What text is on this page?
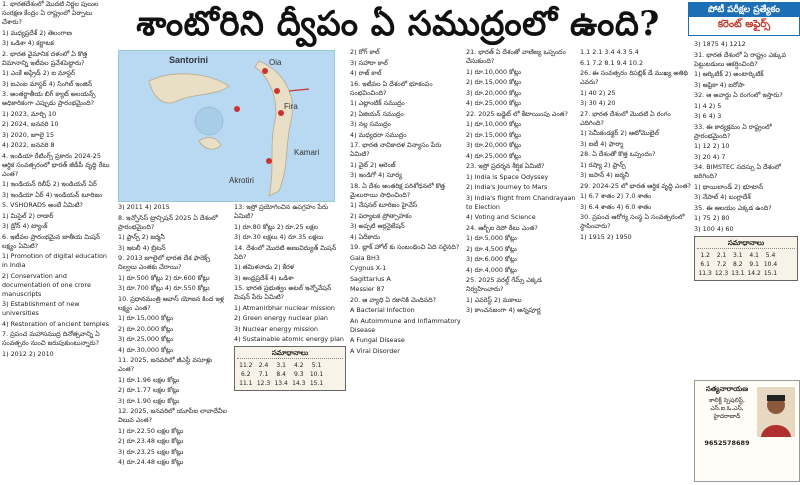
శాంటోరిని ద్వీపం ఏ సముద్రంలో ఉంది?	పోటీ పరీక్షల ప్రత్యేకం
కరెంట్ అఫైర్స్

1. భారతదేశంలో మొదటి నిర్జల పులుల సంరక్షణ కేంద్రం ఏ రాష్ట్రంలో ఏర్పాటు చేశారు?

1) మధ్యప్రదేశ్ 2) తెలంగాణ

3) ఒడిశా 4) కర్ణాటక

2. భారత వైమానిక దళంలో ఏ కొత్త విమానాన్ని ఇటీవల ప్రవేశపెట్టారు?

1) ఎంకే అప్గ్రేడ్ 2) ఐ మాస్టర్

3) ఐఎంఐ మాస్టర్ 4) సింగిల్ ఇంజిన్

3. అంతర్జాతీయ బిగ్ క్యాట్ అలయన్స్ అధికారికంగా ఎప్పుడు ప్రారంభమైంది?

1) 2023, మార్చి 10

2) 2024, జనవరి 10

3) 2020, జూలై 15

4) 2022, జనవరి 8

4. ఇండియా రేటింగ్స్ ప్రకారం 2024-25 ఆర్థిక సంవత్సరంలో భారత్ జీడీపీ వృద్ధి రేటు ఎంత?

1) ఇండియన్ రిలీఫ్ 2) ఇండియన్ ఏర్

3) ఇండియా ఏర్ 4) ఇండియన్ టూరిజం

5. VSHORADS అంటే ఏమిటి?

1) మిసైల్ 2) రాడార్

3) డ్రోన్ 4) ట్యాంక్

6. ఇటీవల ప్రారంభమైన జాతీయ మిషన్ లక్ష్యం ఏమిటి?

1) Promotion of digital education in India

2) Conservation and documentation of one crore manuscripts

3) Establishment of new universities

4) Restoration of ancient temples

7. ప్రపంచ మహాసముద్ర దినోత్సవాన్ని ఏ సంవత్సరం నుంచి జరుపుకుంటున్నారు?

1) 2012 2) 2010

Santorini
Fira
Oia
Akrotiri
Kamari

3) 2011 4) 2015

8. ఇన్ఫోసిస్ ట్రాన్సిషన్ 2025 ఏ దేశంలో ప్రారంభమైంది?

1) ఫ్రాన్స్ 2) జర్మనీ

3) ఇటలీ 4) బ్రిటన్

9. 2013 జూలైలో భారత దేశ ఫారెక్స్ నిల్వలు ఎంతకు చేరాయి?

1) రూ.500 కోట్లు 2) రూ.600 కోట్లు

3) రూ.700 కోట్లు 4) రూ.550 కోట్లు

10. ప్రధానమంత్రి ఆవాస్ యోజన కింద ఇళ్ల లక్ష్యం ఎంత?

1) రూ.15,000 కోట్లు

2) రూ.20,000 కోట్లు

3) రూ.25,000 కోట్లు

4) రూ.30,000 కోట్లు

11. 2025, జనవరిలో జీఎస్టీ వసూళ్లు ఎంత?

1) రూ.1.96 లక్షల కోట్లు

2) రూ.1.77 లక్షల కోట్లు

3) రూ.1.90 లక్షల కోట్లు

12. 2025, జనవరిలో యూపీఐ లావాదేవీల విలువ ఎంత?

1) రూ.22.50 లక్షల కోట్లు

2) రూ.23.48 లక్షల కోట్లు

3) రూ.23.25 లక్షల కోట్లు

4) రూ.24.48 లక్షల కోట్లు

13. ఇస్రో ప్రయోగించిన ఉపగ్రహం పేరు ఏమిటి?

1) రూ.80 కోట్లు 2) రూ.25 లక్షల

3) రూ.30 లక్షలు 4) రూ.35 లక్షలు

14. దేశంలో మొదటి అణువిద్యుత్ మిషన్ ఏది?

1) తమిళనాడు 2) కేరళ

3) ఆంధ్రప్రదేశ్ 4) ఒడిశా

15. భారత ప్రభుత్వం అటల్ ఇన్నోవేషన్ మిషన్ పేరు ఏమిటి?

1) Atmanirbhar nuclear mission

2) Green energy nuclear plan

3) Nuclear energy mission

4) Sustainable atomic energy plan

సమాధానాలు
11.2	2.4	3.1	4.2	5.1
6.2	7.1	8.4	9.3	10.1
11.1 12.3 13.4 14.3 15.1

2) రోగ్ కాల్

3) సహారా కాల్

4) రాజ్ కాల్

16. ఇటీవల ఏ దేశంలో భూకంపం సంభవించింది?

1) ఎట్లాంటిక్ సముద్రం

2) ఏజియన్ సముద్రం

3) నల్ల సముద్రం

4) మధ్యధరా సముద్రం

17. భారత నావికాదళ విన్యాసం పేరు ఏమిటి?

1) వైట్ 2) ఆరెంజ్

3) ఇండిగో 4) సూర్య

18. ఏ దేశం అంతరిక్ష పరిశోధనలో కొత్త మైలురాయి సాధించింది?

1) నేషనల్ టూరిజం హైవేస్

2) పర్యాటక ప్రోత్సాహకం

3) అప్పటి ఆర్గనైజేషన్

4) ఏదీకాదు

19. బ్లాక్ హోల్ కు సంబంధించి ఏది సరైనది?

Gaia BH3

Cygnus X-1

Sagittarius A

Messier 87

20. ఆ వ్యాధి ఏ రకానికి చెందినది?

A Bacterial Infection

An Autoimmune and Inflammatory Disease

A Fungal Disease

A Viral Disorder

21. భారత్ ఏ దేశంతో వాణిజ్య ఒప్పందం చేసుకుంది?

1) రూ.10,000 కోట్లు

2) రూ.15,000 కోట్లు

3) రూ.20,000 కోట్లు

4) రూ.25,000 కోట్లు

22. 2025 బడ్జెట్ లో కేటాయింపు ఎంత?

1) రూ.10,000 కోట్లు

2) రూ.15,000 కోట్లు

3) రూ.20,000 కోట్లు

4) రూ.25,000 కోట్లు

23. ఇస్రో ప్రదర్శన శీర్షిక ఏమిటి?

1) India is Space Odyssey

2) India's Journey to Mars

3) India's flight from Chandrayaan to Election

4) Voting and Science

24. ఆర్బీఐ రెపో రేటు ఎంత?

1) రూ.5,000 కోట్లు

2) రూ.4,500 కోట్లు

3) రూ.6,000 కోట్లు

4) రూ.4,000 కోట్లు

25. 2025 వరల్డ్ గేమ్స్ ఎక్కడ నిర్వహించారు?

1) ఎవరెస్ట్ 2) మకాలు

3) కాంచనజంగా 4) అన్నపూర్ణ

1.1 2.1 3.4 4.3 5.4

6.1 7.2 8.1 9.4 10.2

26. ఈ సంవత్సరం రిపబ్లిక్ డే ముఖ్య అతిథి ఎవరు?

1) 40 2) 25

3) 30 4) 20

27. భారత దేశంలో మొదటి ఏ రంగం ఎదిగింది?

1) సెమీకండక్టర్ 2) ఆటోమొబైల్

3) ఐటీ 4) ఫార్మా

28. ఏ దేశంతో కొత్త ఒప్పందం?

1) రష్యా 2) ఫ్రాన్స్

3) జపాన్ 4) జర్మనీ

29. 2024-25 లో భారత ఆర్థిక వృద్ధి ఎంత?

1) 6.7 శాతం 2) 7.0 శాతం

3) 6.4 శాతం 4) 6.0 శాతం

30. ప్రపంచ ఆరోగ్య సంస్థ ఏ సంవత్సరంలో స్థాపించారు?

1) 1915 2) 1950

3) 1875 4) 1212

31. భారత దేశంలో ఏ రాష్ట్రం ఎక్కువ పెట్టుబడులు ఆకర్షించింది?

1) ఆర్కిటిక్ 2) అంటార్కిటిక్

3) ఆఫ్రికా 4) ఐరోపా

32. ఆ అవార్డు ఏ రంగంలో ఇస్తారు?

1) 4 2) 5

3) 6 4) 3

33. ఈ కార్యక్రమం ఏ రాష్ట్రంలో ప్రారంభమైంది?

1) 12 2) 10

3) 20 4) 7

34. BIMSTEC సదస్సు ఏ దేశంలో జరిగింది?

1) థాయిలాండ్ 2) భూటాన్

3) నేపాల్ 4) బంగ్లాదేశ్

35. ఈ ఆలయం ఎక్కడ ఉంది?

1) 75 2) 80

3) 100 4) 60

సమాధానాలు
1.2	2.1	3.1	4.1	5.4
6.1	7.2	8.2	9.1 10.4
11.3 12.3 13.1 14.2 15.1
సత్యనారాయణ
కాలిక్ట్ స్పెషలిస్ట్, ఎస్.ఐ.ఓ.ఎస్, హైదరాబాద్
9652578689
